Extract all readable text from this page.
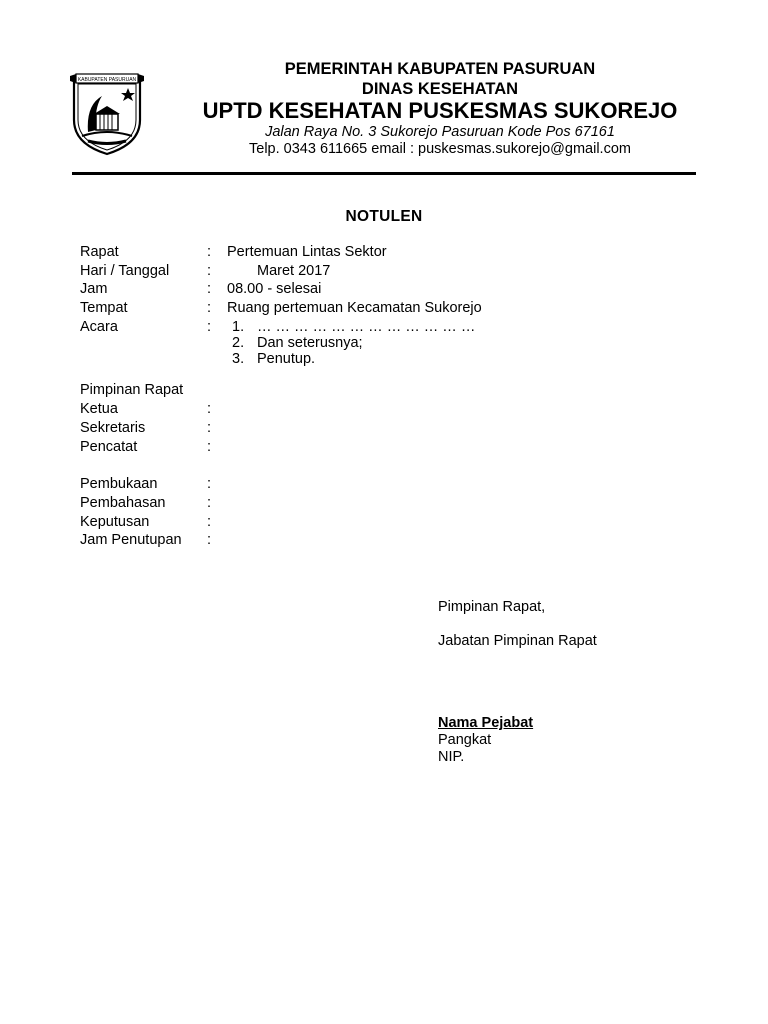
KABUPATEN PASURUAN
PEMERINTAH KABUPATEN PASURUAN
DINAS KESEHATAN
UPTD KESEHATAN PUSKESMAS SUKOREJO
Jalan Raya No. 3 Sukorejo Pasuruan Kode Pos 67161
Telp. 0343 611665 email : puskesmas.sukorejo@gmail.com
NOTULEN
Rapat	: Pertemuan Lintas Sektor
Hari / Tanggal	:	Maret 2017
Jam	: 08.00 - selesai
Tempat	: Ruang pertemuan Kecamatan Sukorejo
Acara	: 1. … … … … … … … … … … … …
2. Dan seterusnya;
3. Penutup.
Pimpinan Rapat
Ketua	:
Sekretaris	:
Pencatat	:
Pembukaan	:
Pembahasan	:
Keputusan	:
Jam Penutupan :
Pimpinan Rapat,
Jabatan Pimpinan Rapat
Nama Pejabat
Pangkat
NIP.
